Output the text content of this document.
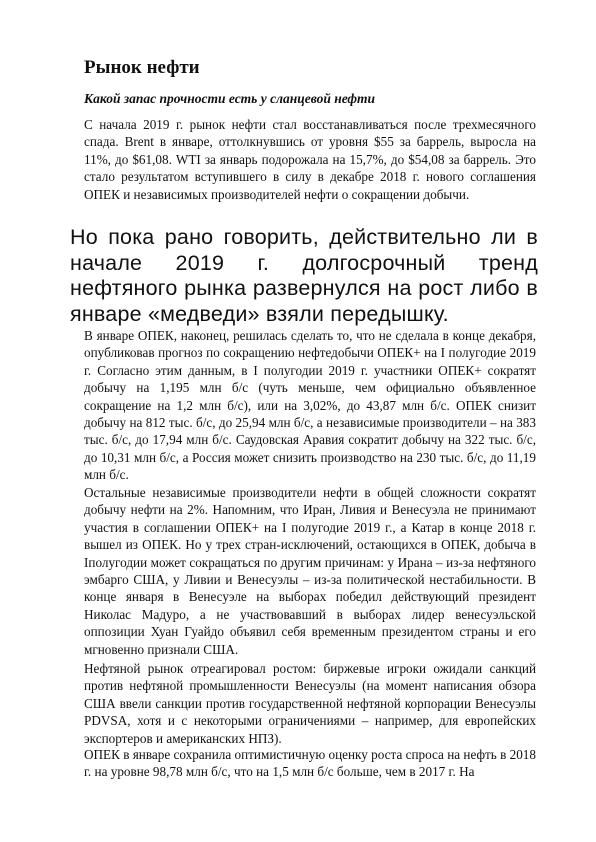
Рынок нефти
Какой запас прочности есть у сланцевой нефти
С начала 2019 г. рынок нефти стал восстанавливаться после трехмесячного спада. Brent в январе, оттолкнувшись от уровня $55 за баррель, выросла на 11%, до $61,08. WTI за январь подорожала на 15,7%, до $54,08 за баррель. Это стало результатом вступившего в силу в декабре 2018 г. нового соглашения ОПЕК и независимых производителей нефти о сокращении добычи.
Но пока рано говорить, действительно ли в начале 2019 г. долгосрочный тренд нефтяного рынка развернулся на рост либо в январе «медведи» взяли передышку.
В январе ОПЕК, наконец, решилась сделать то, что не сделала в конце декабря, опубликовав прогноз по сокращению нефтедобычи ОПЕК+ на I полугодие 2019 г. Согласно этим данным, в I полугодии 2019 г. участники ОПЕК+ сократят добычу на 1,195 млн б/с (чуть меньше, чем официально объявленное сокращение на 1,2 млн б/с), или на 3,02%, до 43,87 млн б/с. ОПЕК снизит добычу на 812 тыс. б/с, до 25,94 млн б/с, а независимые производители – на 383 тыс. б/с, до 17,94 млн б/с. Саудовская Аравия сократит добычу на 322 тыс. б/с, до 10,31 млн б/с, а Россия может снизить производство на 230 тыс. б/с, до 11,19 млн б/с.
Остальные независимые производители нефти в общей сложности сократят добычу нефти на 2%. Напомним, что Иран, Ливия и Венесуэла не принимают участия в соглашении ОПЕК+ на I полугодие 2019 г., а Катар в конце 2018 г. вышел из ОПЕК. Но у трех стран-исключений, остающихся в ОПЕК, добыча в Iполугодии может сокращаться по другим причинам: у Ирана – из-за нефтяного эмбарго США, у Ливии и Венесуэлы – из-за политической нестабильности. В конце января в Венесуэле на выборах победил действующий президент Николас Мадуро, а не участвовавший в выборах лидер венесуэльской оппозиции Хуан Гуайдо объявил себя временным президентом страны и его мгновенно признали США.
Нефтяной рынок отреагировал ростом: биржевые игроки ожидали санкций против нефтяной промышленности Венесуэлы (на момент написания обзора США ввели санкции против государственной нефтяной корпорации Венесуэлы PDVSA, хотя и с некоторыми ограничениями – например, для европейских экспортеров и американских НПЗ).
ОПЕК в январе сохранила оптимистичную оценку роста спроса на нефть в 2018 г. на уровне 98,78 млн б/с, что на 1,5 млн б/с больше, чем в 2017 г. На
